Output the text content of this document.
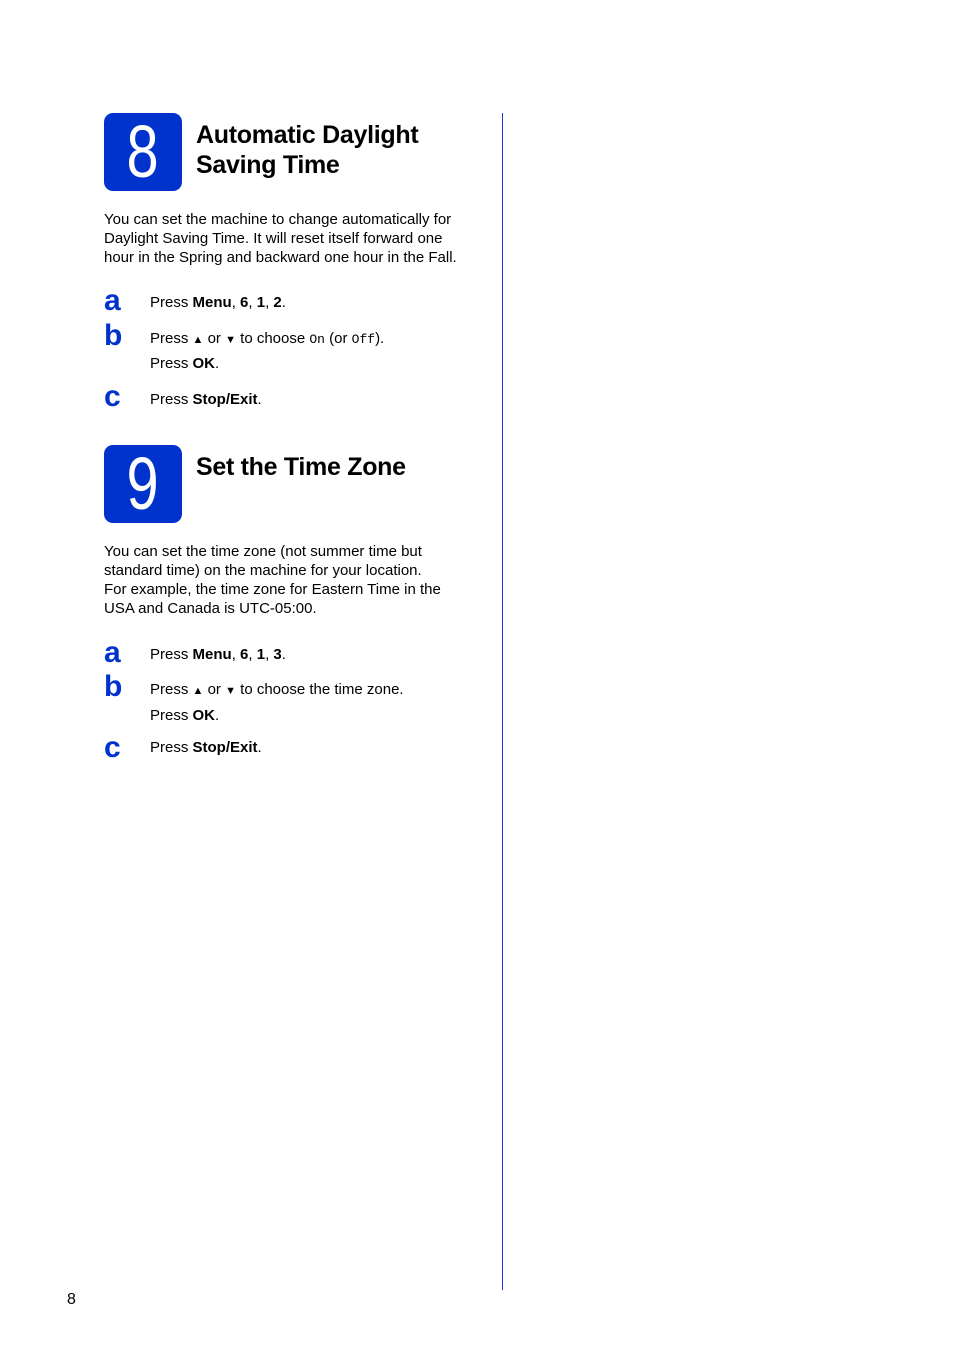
8 Automatic Daylight
Saving Time
You can set the machine to change automatically for
Daylight Saving Time. It will reset itself forward one
hour in the Spring and backward one hour in the Fall.
a	Press Menu, 6, 1, 2.
b	Press ▲ or ▼ to choose On (or Off).
Press OK.
c	Press Stop/Exit.
9 Set the Time Zone
You can set the time zone (not summer time but
standard time) on the machine for your location.
For example, the time zone for Eastern Time in the
USA and Canada is UTC-05:00.
a	Press Menu, 6, 1, 3.
b	Press ▲ or ▼ to choose the time zone.
Press OK.
c	Press Stop/Exit.
8
